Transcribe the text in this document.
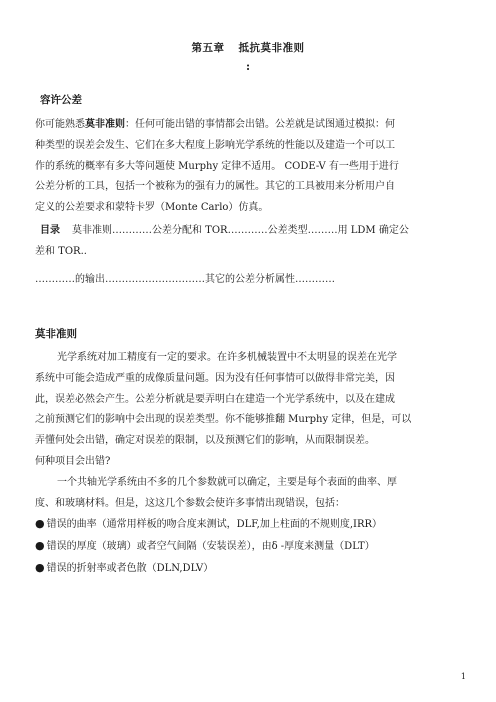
第五章 抵抗莫非准则
:
容许公差
你可能熟悉莫非准则：任何可能出错的事情都会出错。公差就是试图通过模拟：何
种类型的误差会发生、它们在多大程度上影响光学系统的性能以及建造一个可以工
作的系统的概率有多大等问题使 Murphy 定律不适用。 CODE-V 有一些用于进行
公差分析的工具，包括一个被称为的强有力的属性。其它的工具被用来分析用户自
定义的公差要求和蒙特卡罗（Monte Carlo）仿真。
目录 莫非准则…………公差分配和 TOR…………公差类型………用 LDM 确定公
差和 TOR..
…………的输出…………………………其它的公差分析属性…………
莫非准则
光学系统对加工精度有一定的要求。在许多机械装置中不太明显的误差在光学
系统中可能会造成严重的成像质量问题。因为没有任何事情可以做得非常完美，因
此，误差必然会产生。公差分析就是要弄明白在建造一个光学系统中，以及在建成
之前预测它们的影响中会出现的误差类型。你不能够推翻 Murphy 定律，但是，可以
弄懂何处会出错，确定对误差的限制，以及预测它们的影响，从而限制误差。
何种项目会出错?
一个共轴光学系统由不多的几个参数就可以确定，主要是每个表面的曲率、厚
度、和玻璃材料。但是，这这几个参数会使许多事情出现错误，包括：
● 错误的曲率（通常用样板的吻合度来测试，DLF,加上柱面的不规则度,IRR）
● 错误的厚度（玻璃）或者空气间隔（安装误差），由δ -厚度来测量（DLT）
● 错误的折射率或者色散（DLN,DLV）
1
